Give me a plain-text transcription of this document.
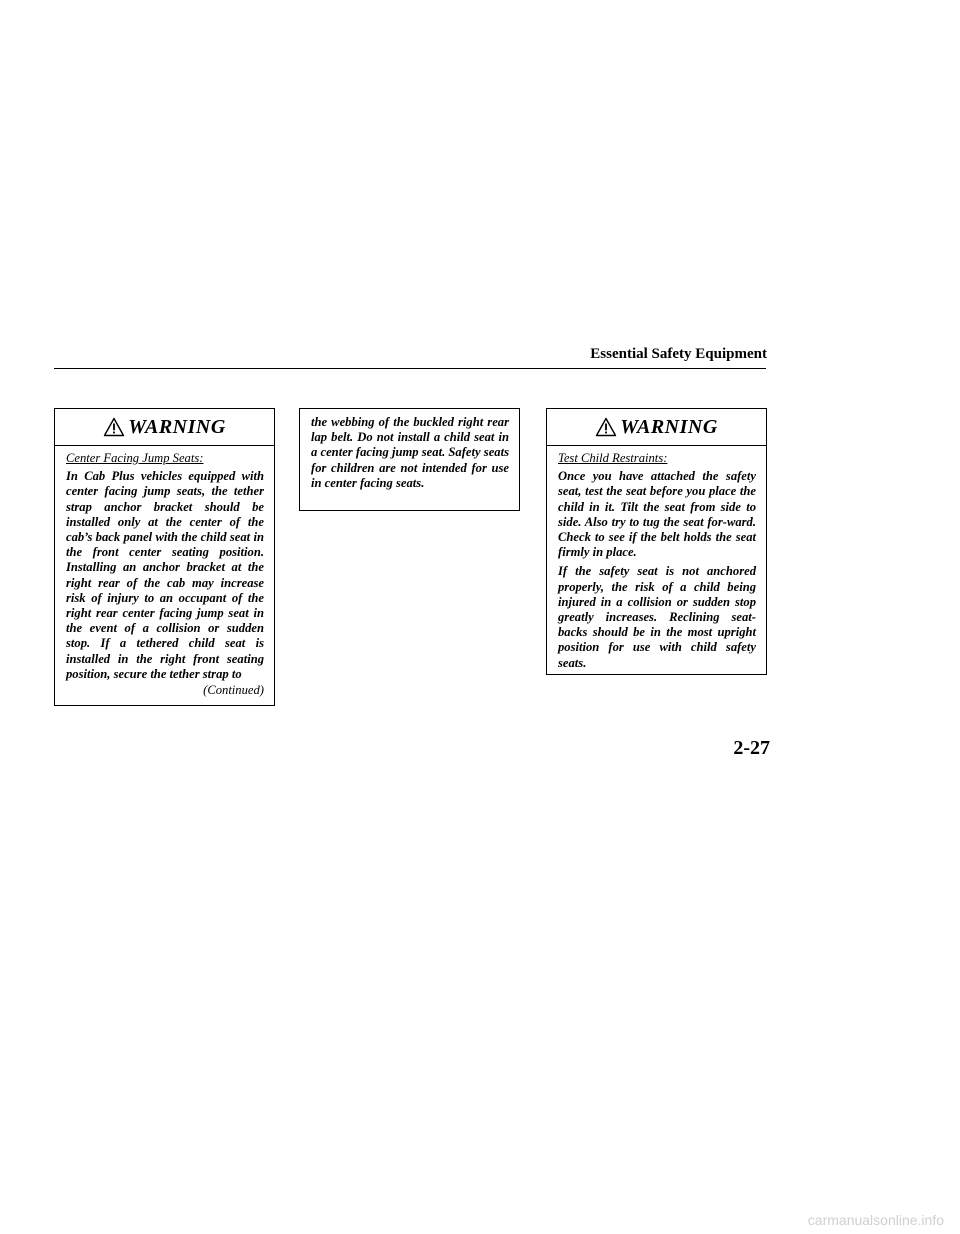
Essential Safety Equipment
WARNING
Center Facing Jump Seats:

In Cab Plus vehicles equipped with center facing jump seats, the tether strap anchor bracket should be installed only at the center of the cab’s back panel with the child seat in the front center seating position. Installing an anchor bracket at the right rear of the cab may increase risk of injury to an occupant of the right rear center facing jump seat in the event of a collision or sudden stop. If a tethered child seat is installed in the right front seating position, secure the tether strap to

(Continued)

the webbing of the buckled right rear lap belt. Do not install a child seat in a center facing jump seat. Safety seats for children are not intended for use in center facing seats.

WARNING
Test Child Restraints:

Once you have attached the safety seat, test the seat before you place the child in it. Tilt the seat from side to side. Also try to tug the seat for-ward. Check to see if the belt holds the seat firmly in place.

If the safety seat is not anchored properly, the risk of a child being injured in a collision or sudden stop greatly increases. Reclining seat-backs should be in the most upright position for use with child safety seats.

2-27
carmanualsonline.info
